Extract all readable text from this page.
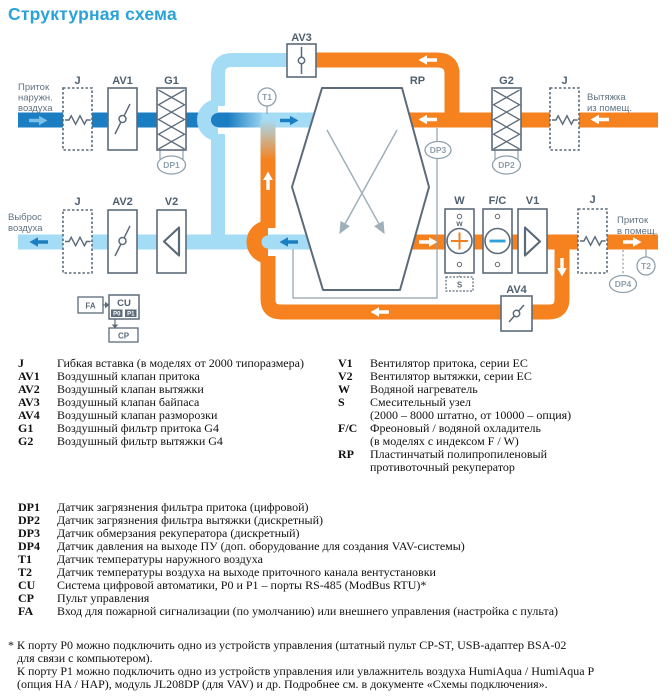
Структурная схема
T1
T2
DP1	DP2
DP3
DP4
J	AV1	G1
AV3
RP	G2	J
J	AV2	V2	W F/C V1	J
AV4
w
S
CU
FA
CP
P0 P1
Приток
наружн.
воздуха
Выброс
воздуха
Вытяжка
из помещ.
Приток
в помещ.
J	Гибкая вставка (в моделях от 2000 типоразмера)
AV1	Воздушный клапан притока
AV2	Воздушный клапан вытяжки
AV3	Воздушный клапан байпаса
AV4	Воздушный клапан разморозки
G1	Воздушный фильтр притока G4
G2	Воздушный фильтр вытяжки G4
V1	Вентилятор притока, серии EC
V2	Вентилятор вытяжки, серии EC
W	Водяной нагреватель
S	Смесительный узел
(2000 – 8000 штатно, от 10000 – опция)
F/C	Фреоновый / водяной охладитель
(в моделях с индексом F / W)
RP	Пластинчатый полипропиленовый
противоточный рекуператор
DP1	Датчик загрязнения фильтра притока (цифровой)
DP2	Датчик загрязнения фильтра вытяжки (дискретный)
DP3	Датчик обмерзания рекуператора (дискретный)
DP4	Датчик давления на выходе ПУ (доп. оборудование для создания VAV-системы)
T1	Датчик температуры наружного воздуха
T2	Датчик температуры воздуха на выходе приточного канала вентустановки
CU	Система цифровой автоматики, P0 и P1 – порты RS-485 (ModBus RTU)*
CP	Пульт управления
FA	Вход для пожарной сигнализации (по умолчанию) или внешнего управления (настройка с пульта)
* К порту P0 можно подключить одно из устройств управления (штатный пульт CP-ST, USB-адаптер BSA-02
для связи с компьютером).
К порту P1 можно подключить одно из устройств управления или увлажнитель воздуха HumiAqua / HumiAqua P
(опция HA / HAP), модуль JL208DP (для VAV) и др. Подробнее см. в документе «Схемы подключения».
